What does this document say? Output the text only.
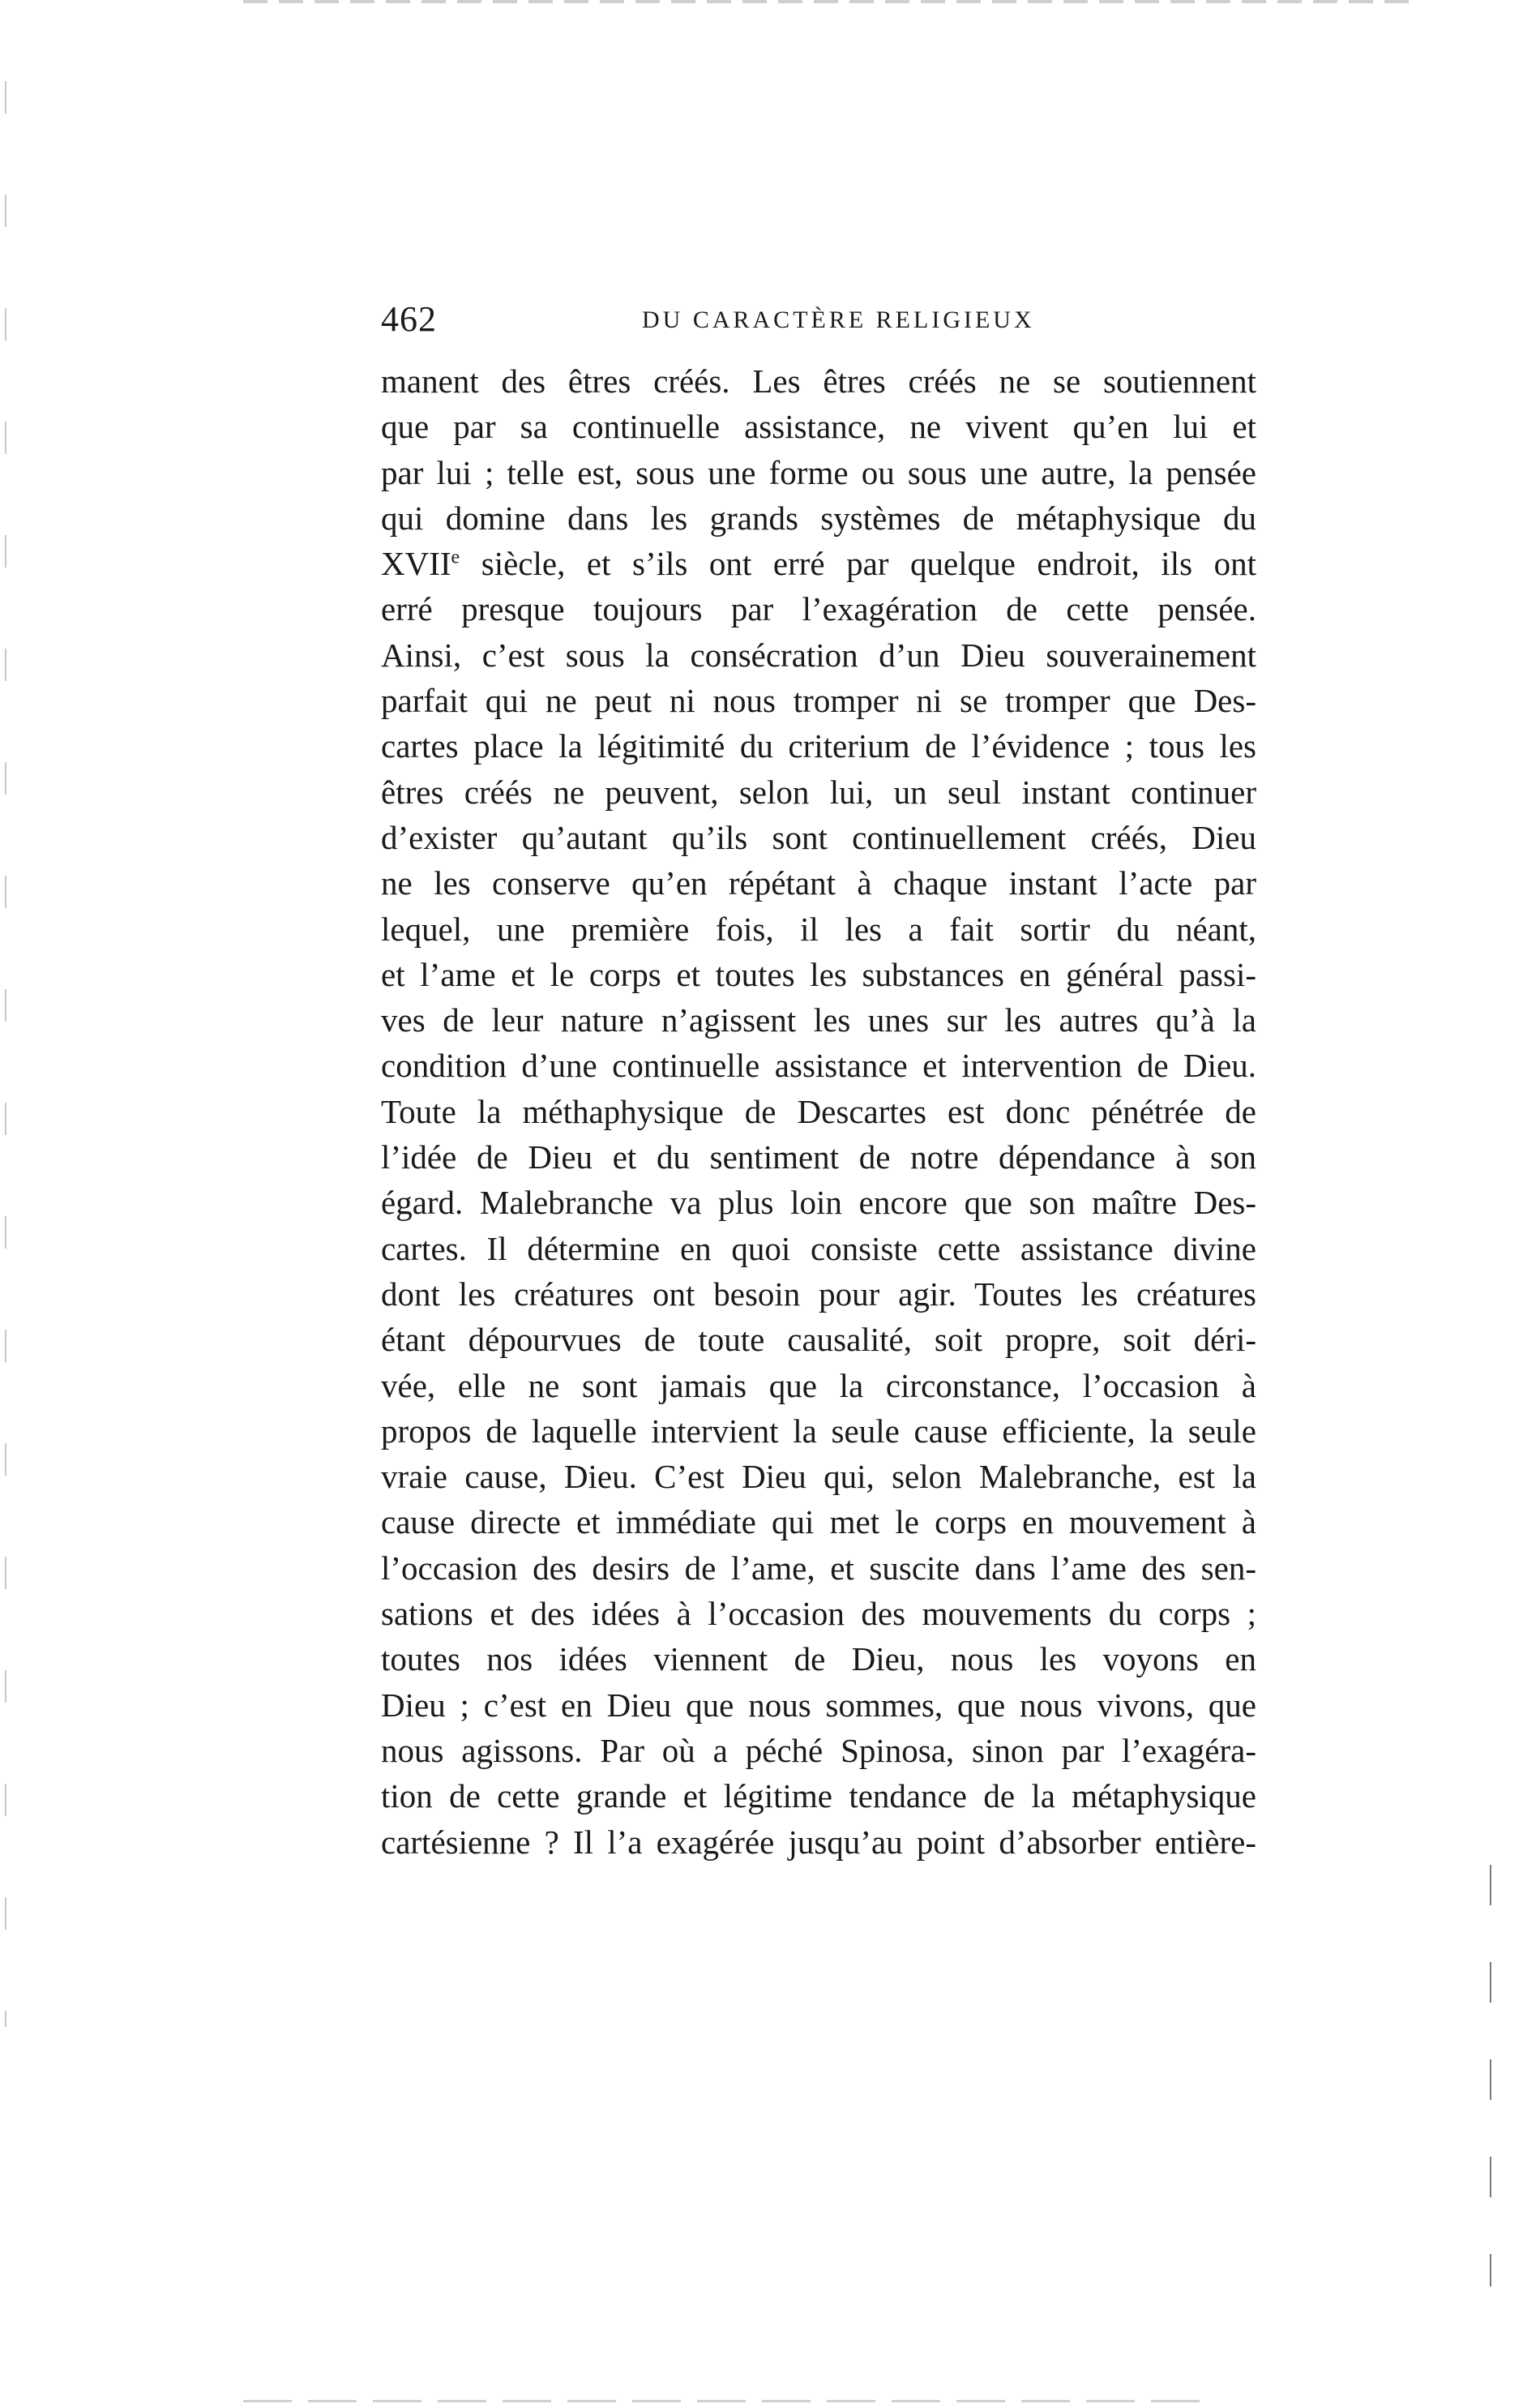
462	DU CARACTÈRE RELIGIEUX
manent des êtres créés. Les êtres créés ne se soutiennent
que par sa continuelle assistance, ne vivent qu’en lui et
par lui ; telle est, sous une forme ou sous une autre, la pensée
qui domine dans les grands systèmes de métaphysique du
XVIIe siècle, et s’ils ont erré par quelque endroit, ils ont
erré presque toujours par l’exagération de cette pensée.
Ainsi, c’est sous la consécration d’un Dieu souverainement
parfait qui ne peut ni nous tromper ni se tromper que Des-
cartes place la légitimité du criterium de l’évidence ; tous les
êtres créés ne peuvent, selon lui, un seul instant continuer
d’exister qu’autant qu’ils sont continuellement créés, Dieu
ne les conserve qu’en répétant à chaque instant l’acte par
lequel, une première fois, il les a fait sortir du néant,
et l’ame et le corps et toutes les substances en général passi-
ves de leur nature n’agissent les unes sur les autres qu’à la
condition d’une continuelle assistance et intervention de Dieu.
Toute la méthaphysique de Descartes est donc pénétrée de
l’idée de Dieu et du sentiment de notre dépendance à son
égard. Malebranche va plus loin encore que son maître Des-
cartes. Il détermine en quoi consiste cette assistance divine
dont les créatures ont besoin pour agir. Toutes les créatures
étant dépourvues de toute causalité, soit propre, soit déri-
vée, elle ne sont jamais que la circonstance, l’occasion à
propos de laquelle intervient la seule cause efficiente, la seule
vraie cause, Dieu. C’est Dieu qui, selon Malebranche, est la
cause directe et immédiate qui met le corps en mouvement à
l’occasion des desirs de l’ame, et suscite dans l’ame des sen-
sations et des idées à l’occasion des mouvements du corps ;
toutes nos idées viennent de Dieu, nous les voyons en
Dieu ; c’est en Dieu que nous sommes, que nous vivons, que
nous agissons. Par où a péché Spinosa, sinon par l’exagéra-
tion de cette grande et légitime tendance de la métaphysique
cartésienne ? Il l’a exagérée jusqu’au point d’absorber entière-
